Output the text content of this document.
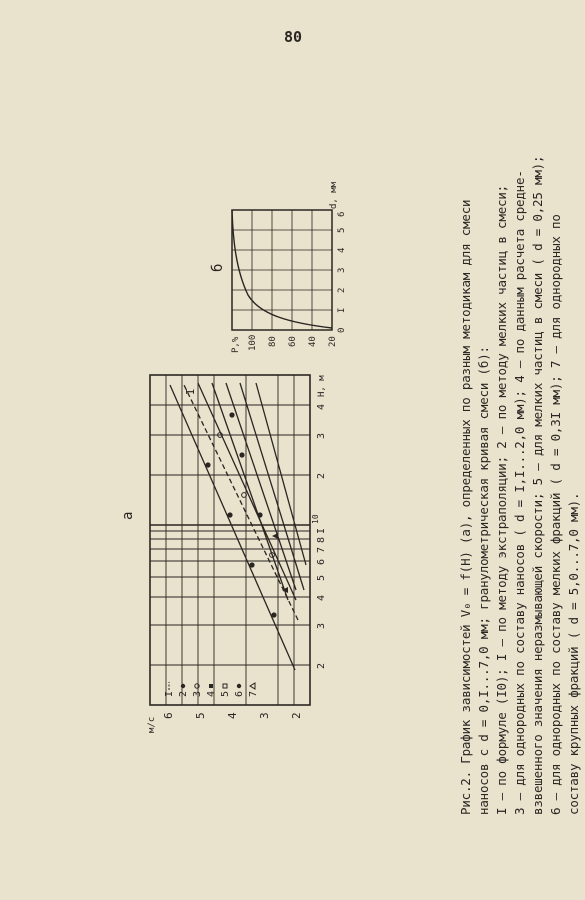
80
а
2
3
4
5
6
м/с
2
3
4
5
6
7
8
I
10
2
3
4
Н, м
I 2 3 4 5 6 7
I
б
Р,% 100 80 60 40 20
0
I
2
3
4
5
6
d, мм
Рис.2. График зависимостей V₀ = f(H) (а), определенных по разным методикам для смеси наносов с d = 0,I...7,0 мм; гранулометрическая кривая смеси (б): I – по формуле (I0); I – по методу экстраполяции; 2 – по методу мелких частиц в смеси; 3 – для однородных по составу наносов ( d = I,I...2,0 мм); 4 – по данным расчета средне- взвешенного значения неразмывающей скорости; 5 – для мелких частиц в смеси ( d = 0,25 мм); 6 – для однородных по составу мелких фракций ( d = 0,3I мм); 7 – для однородных по составу крупных фракций ( d = 5,0...7,0 мм).
